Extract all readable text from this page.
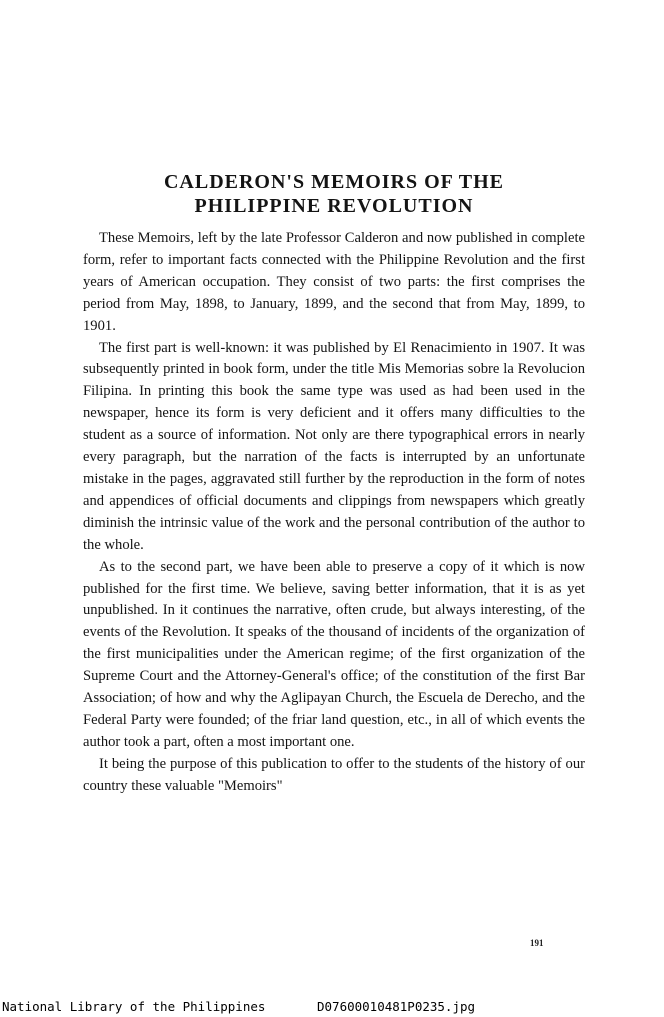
CALDERON'S MEMOIRS OF THE
PHILIPPINE REVOLUTION

These Memoirs, left by the late Professor Calderon and now published in complete form, refer to important facts connected with the Philippine Revolution and the first years of American occupation. They consist of two parts: the first comprises the period from May, 1898, to January, 1899, and the second that from May, 1899, to 1901.

The first part is well-known: it was published by El Renacimiento in 1907. It was subsequently printed in book form, under the title Mis Memorias sobre la Revolucion Filipina. In printing this book the same type was used as had been used in the newspaper, hence its form is very deficient and it offers many difficulties to the student as a source of information. Not only are there typographical errors in nearly every paragraph, but the narration of the facts is interrupted by an unfortunate mistake in the pages, aggravated still further by the reproduction in the form of notes and appendices of official documents and clippings from newspapers which greatly diminish the intrinsic value of the work and the personal contribution of the author to the whole.

As to the second part, we have been able to preserve a copy of it which is now published for the first time. We believe, saving better information, that it is as yet unpublished. In it continues the narrative, often crude, but always interesting, of the events of the Revolution. It speaks of the thousand of incidents of the organization of the first municipalities under the American regime; of the first organization of the Supreme Court and the Attorney-General's office; of the constitution of the first Bar Association; of how and why the Aglipayan Church, the Escuela de Derecho, and the Federal Party were founded; of the friar land question, etc., in all of which events the author took a part, often a most important one.

It being the purpose of this publication to offer to the students of the history of our country these valuable "Memoirs"

191
National Library of the Philippines	D07600010481P0235.jpg
